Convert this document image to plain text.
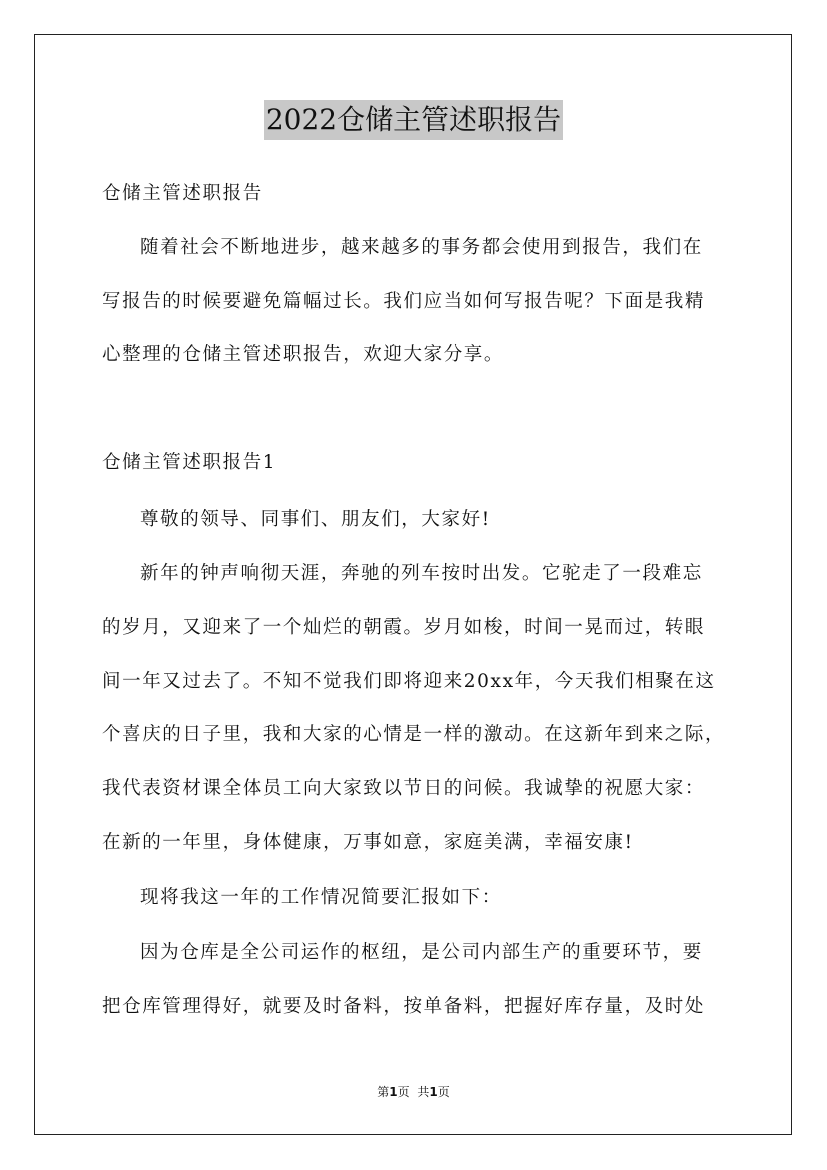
2022仓储主管述职报告
仓储主管述职报告
随着社会不断地进步，越来越多的事务都会使用到报告，我们在
写报告的时候要避免篇幅过长。我们应当如何写报告呢？下面是我精
心整理的仓储主管述职报告，欢迎大家分享。
仓储主管述职报告1
尊敬的领导、同事们、朋友们，大家好!
新年的钟声响彻天涯，奔驰的列车按时出发。它驼走了一段难忘
的岁月，又迎来了一个灿烂的朝霞。岁月如梭，时间一晃而过，转眼
间一年又过去了。不知不觉我们即将迎来20xx年，今天我们相聚在这
个喜庆的日子里，我和大家的心情是一样的激动。在这新年到来之际，
我代表资材课全体员工向大家致以节日的问候。我诚挚的祝愿大家：
在新的一年里，身体健康，万事如意，家庭美满，幸福安康!
现将我这一年的工作情况简要汇报如下：
因为仓库是全公司运作的枢纽，是公司内部生产的重要环节，要
把仓库管理得好，就要及时备料，按单备料，把握好库存量，及时处
第1页 共1页
